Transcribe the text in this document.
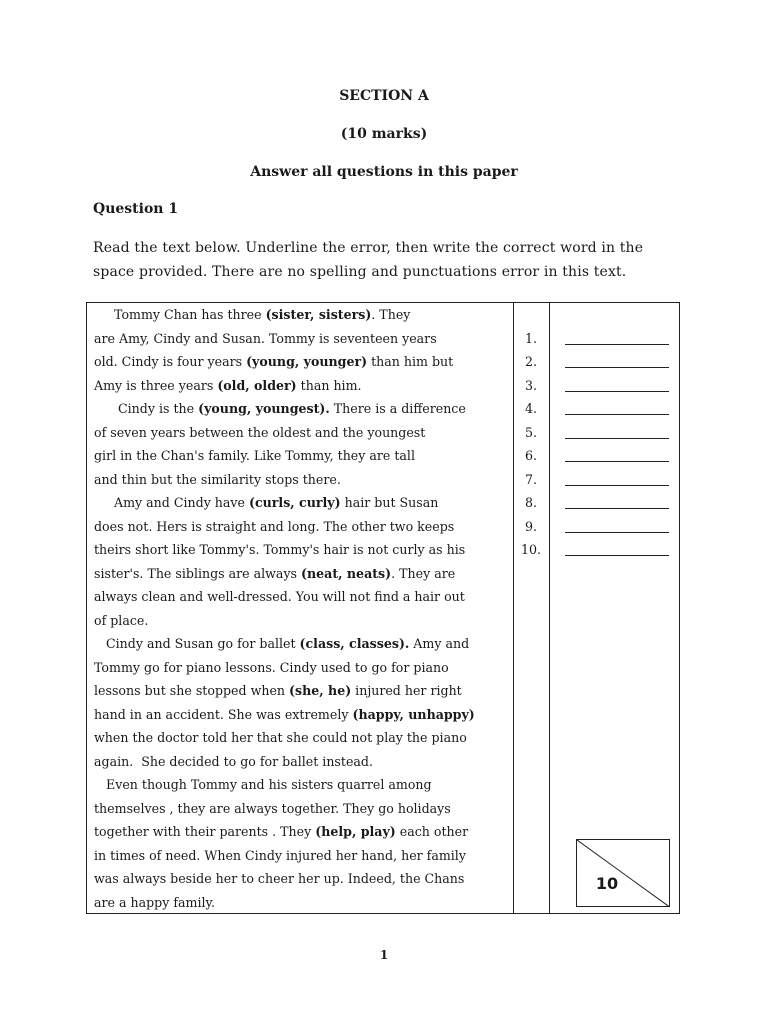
SECTION A
(10 marks)
Answer all questions in this paper
Question 1
Read the text below. Underline the error, then write the correct word in the space provided. There are no spelling and punctuations error in this text.
Tommy Chan has three (sister, sisters). They
are Amy, Cindy and Susan. Tommy is seventeen years
old. Cindy is four years (young, younger) than him but
Amy is three years (old, older) than him.
Cindy is the (young, youngest). There is a difference
of seven years between the oldest and the youngest
girl in the Chan's family. Like Tommy, they are tall
and thin but the similarity stops there.
Amy and Cindy have (curls, curly) hair but Susan
does not. Hers is straight and long. The other two keeps
theirs short like Tommy's. Tommy's hair is not curly as his
sister's. The siblings are always (neat, neats). They are
always clean and well-dressed. You will not find a hair out
of place.
Cindy and Susan go for ballet (class, classes). Amy and
Tommy go for piano lessons. Cindy used to go for piano
lessons but she stopped when (she, he) injured her right
hand in an accident. She was extremely (happy, unhappy)
when the doctor told her that she could not play the piano
again.  She decided to go for ballet instead.
Even though Tommy and his sisters quarrel among
themselves , they are always together. They go holidays
together with their parents . They (help, play) each other
in times of need. When Cindy injured her hand, her family
was always beside her to cheer her up. Indeed, the Chans
are a happy family.
10
1.
2.
3.
4.
5.
6.
7.
8.
9.
10.
1
